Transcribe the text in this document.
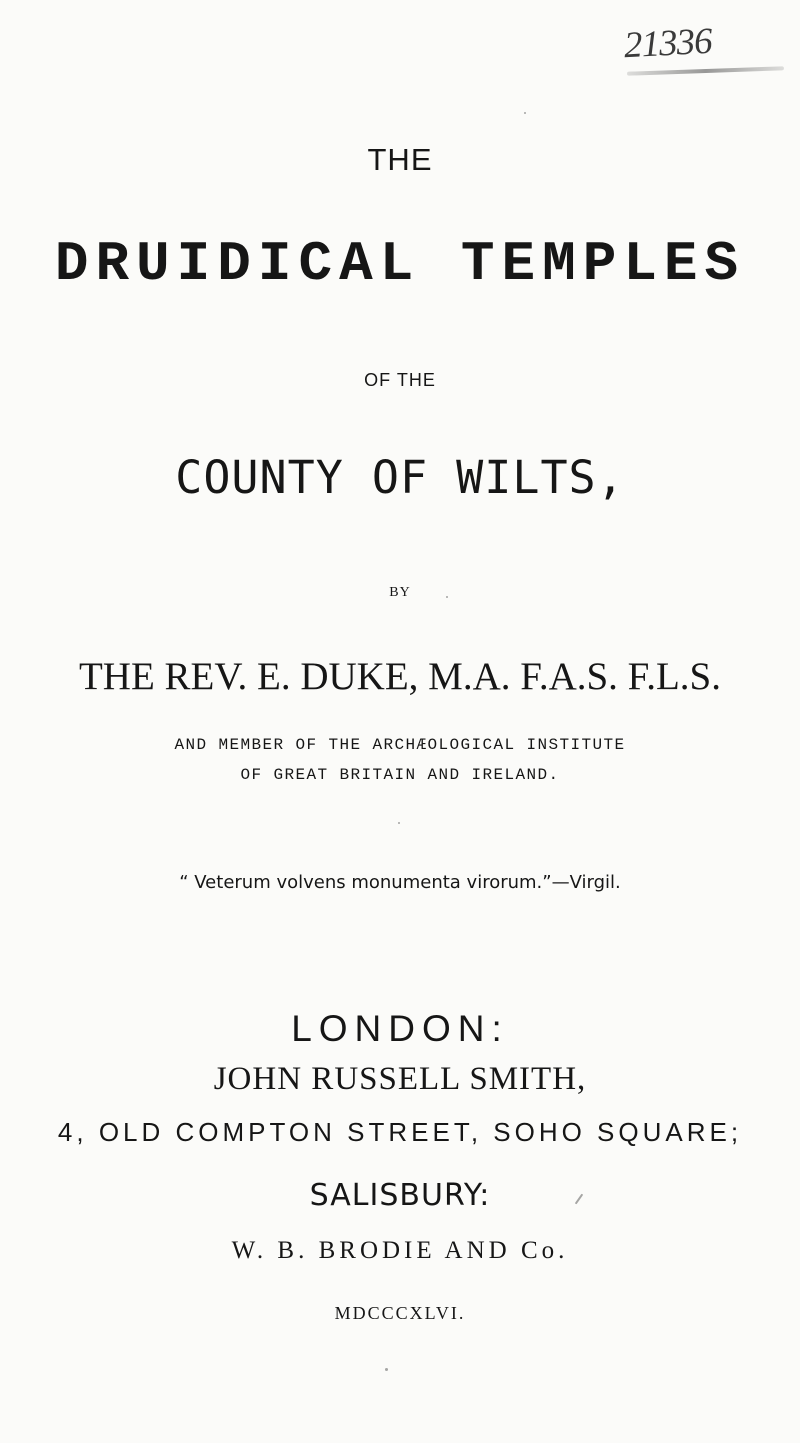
21336
THE
DRUIDICAL TEMPLES
OF THE
COUNTY OF WILTS,
BY
THE REV. E. DUKE, M.A. F.A.S. F.L.S.
AND MEMBER OF THE ARCHÆOLOGICAL INSTITUTE
OF GREAT BRITAIN AND IRELAND.
“ Veterum volvens monumenta virorum.”—Virgil.
LONDON:
JOHN RUSSELL SMITH,
4, OLD COMPTON STREET, SOHO SQUARE;
SALISBURY:
W. B. BRODIE AND Co.
MDCCCXLVI.
